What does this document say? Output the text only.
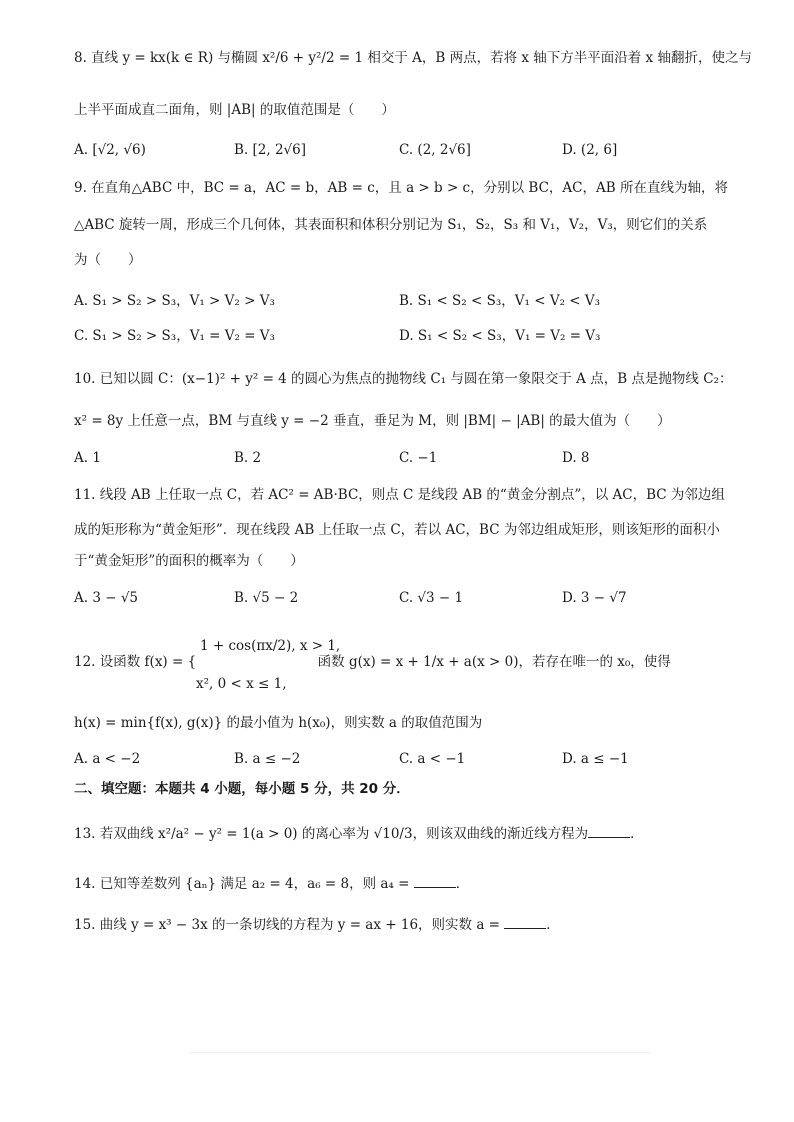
8. 直线 y = kx(k ∈ R) 与椭圆 x²/6 + y²/2 = 1 相交于 A，B 两点，若将 x 轴下方半平面沿着 x 轴翻折，使之与
上半平面成直二面角，则 |AB| 的取值范围是（　　）
A. [√2, √6)	B. [2, 2√6]	C. (2, 2√6]	D. (2, 6]
9. 在直角△ABC 中，BC = a，AC = b，AB = c，且 a > b > c，分别以 BC，AC，AB 所在直线为轴，将
△ABC 旋转一周，形成三个几何体，其表面积和体积分别记为 S₁，S₂，S₃ 和 V₁，V₂，V₃，则它们的关系
为（　　）
A. S₁ > S₂ > S₃，V₁ > V₂ > V₃	B. S₁ < S₂ < S₃，V₁ < V₂ < V₃
C. S₁ > S₂ > S₃，V₁ = V₂ = V₃	D. S₁ < S₂ < S₃，V₁ = V₂ = V₃
10. 已知以圆 C：(x−1)² + y² = 4 的圆心为焦点的抛物线 C₁ 与圆在第一象限交于 A 点，B 点是抛物线 C₂：
x² = 8y 上任意一点，BM 与直线 y = −2 垂直，垂足为 M，则 |BM| − |AB| 的最大值为（　　）
A. 1	B. 2	C. −1	D. 8
11. 线段 AB 上任取一点 C，若 AC² = AB·BC，则点 C 是线段 AB 的“黄金分割点”，以 AC，BC 为邻边组
成的矩形称为“黄金矩形”．现在线段 AB 上任取一点 C，若以 AC，BC 为邻边组成矩形，则该矩形的面积小
于“黄金矩形”的面积的概率为（　　）
A. 3 − √5	B. √5 − 2	C. √3 − 1	D. 3 − √7
1 + cos(πx/2), x > 1,
12. 设函数 f(x) = {　　　　　　　　　函数 g(x) = x + 1/x + a(x > 0)，若存在唯一的 x₀，使得
x², 0 < x ≤ 1,
h(x) = min{f(x), g(x)} 的最小值为 h(x₀)，则实数 a 的取值范围为
A. a < −2	B. a ≤ −2	C. a < −1	D. a ≤ −1
二、填空题：本题共 4 小题，每小题 5 分，共 20 分．
13. 若双曲线 x²/a² − y² = 1(a > 0) 的离心率为 √10/3，则该双曲线的渐近线方程为	．
14. 已知等差数列 {aₙ} 满足 a₂ = 4，a₆ = 8，则 a₄ =	．
15. 曲线 y = x³ − 3x 的一条切线的方程为 y = ax + 16，则实数 a =	．
